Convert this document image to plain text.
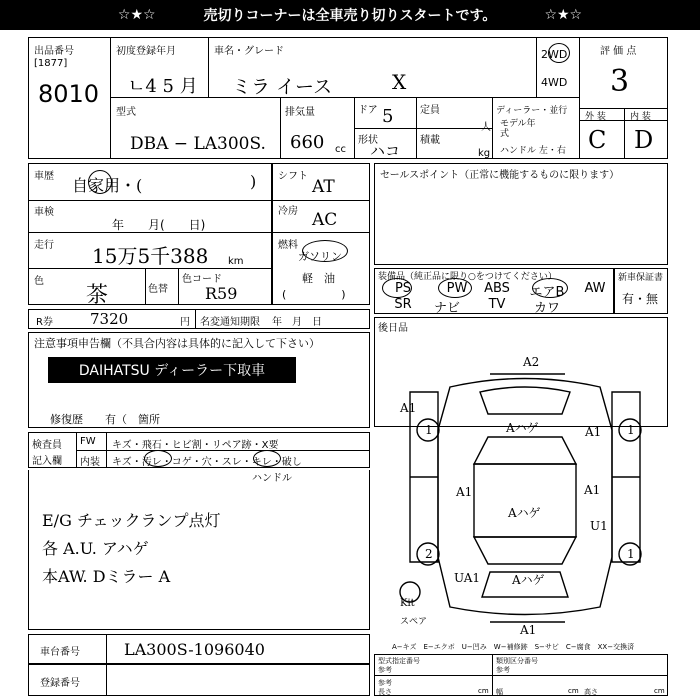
☆★☆	売切りコーナーは全車売り切りスタートです。	☆★☆
出品番号
[1877]
8010
初度登録年月
ㄴ4 5 月
車名・グレード
ミラ イース	X
2WD
4WD
評 価 点
3
型式
DBA − LA300S.
排気量
660 cc
ドア 5
形状
ハコ
定員
人
積載
kg
ディーラー・並行
モデル年式
ハンドル 左・右
外 装	内 装
C D
車歴 自家用・(	)
車検
年　　月(　　日)
走行 15万5千388 km
色
茶	色替
色コード
R59
シフト
AT
冷房 AC
燃料
ガソリン
軽　油
(　　　　　)
セールスポイント（正常に機能するものに限ります）
装備品（純正品に限り○をつけてください）
PS	PW	ABS	エアB	AW
SR	ナビ	TV	カワ
新車保証書
有・無
R券 7320	円 名変通知期限 年　月　日
後日品
注意事項申告欄（不具合内容は具体的に記入して下さい）
DAIHATSU ディーラー下取車
修復歴　　有（　箇所
検査員
記入欄
FW
内装
キズ・飛石・ヒビ割・リペア跡・X要
キズ・汚レ・コゲ・穴・スレ・キレ・破し
ハンドル
E/G チェックランプ点灯
各 A.U. アハゲ
本AW. Dミラー A
車台番号	LA300S-1096040
登録番号
A2
1	1
Aハゲ
A1
A1
Aハゲ
A1	A1
U1
2	1
UA1	Aハゲ
A1
Kit
スペア
A−キズ　E−エクボ　U−凹み　W−補修跡　S−サビ　C−腐食　XX−交換済
型式指定番号
参考
類別区分番号
参考
参考
長さ	cm 幅	cm 高さ	cm
